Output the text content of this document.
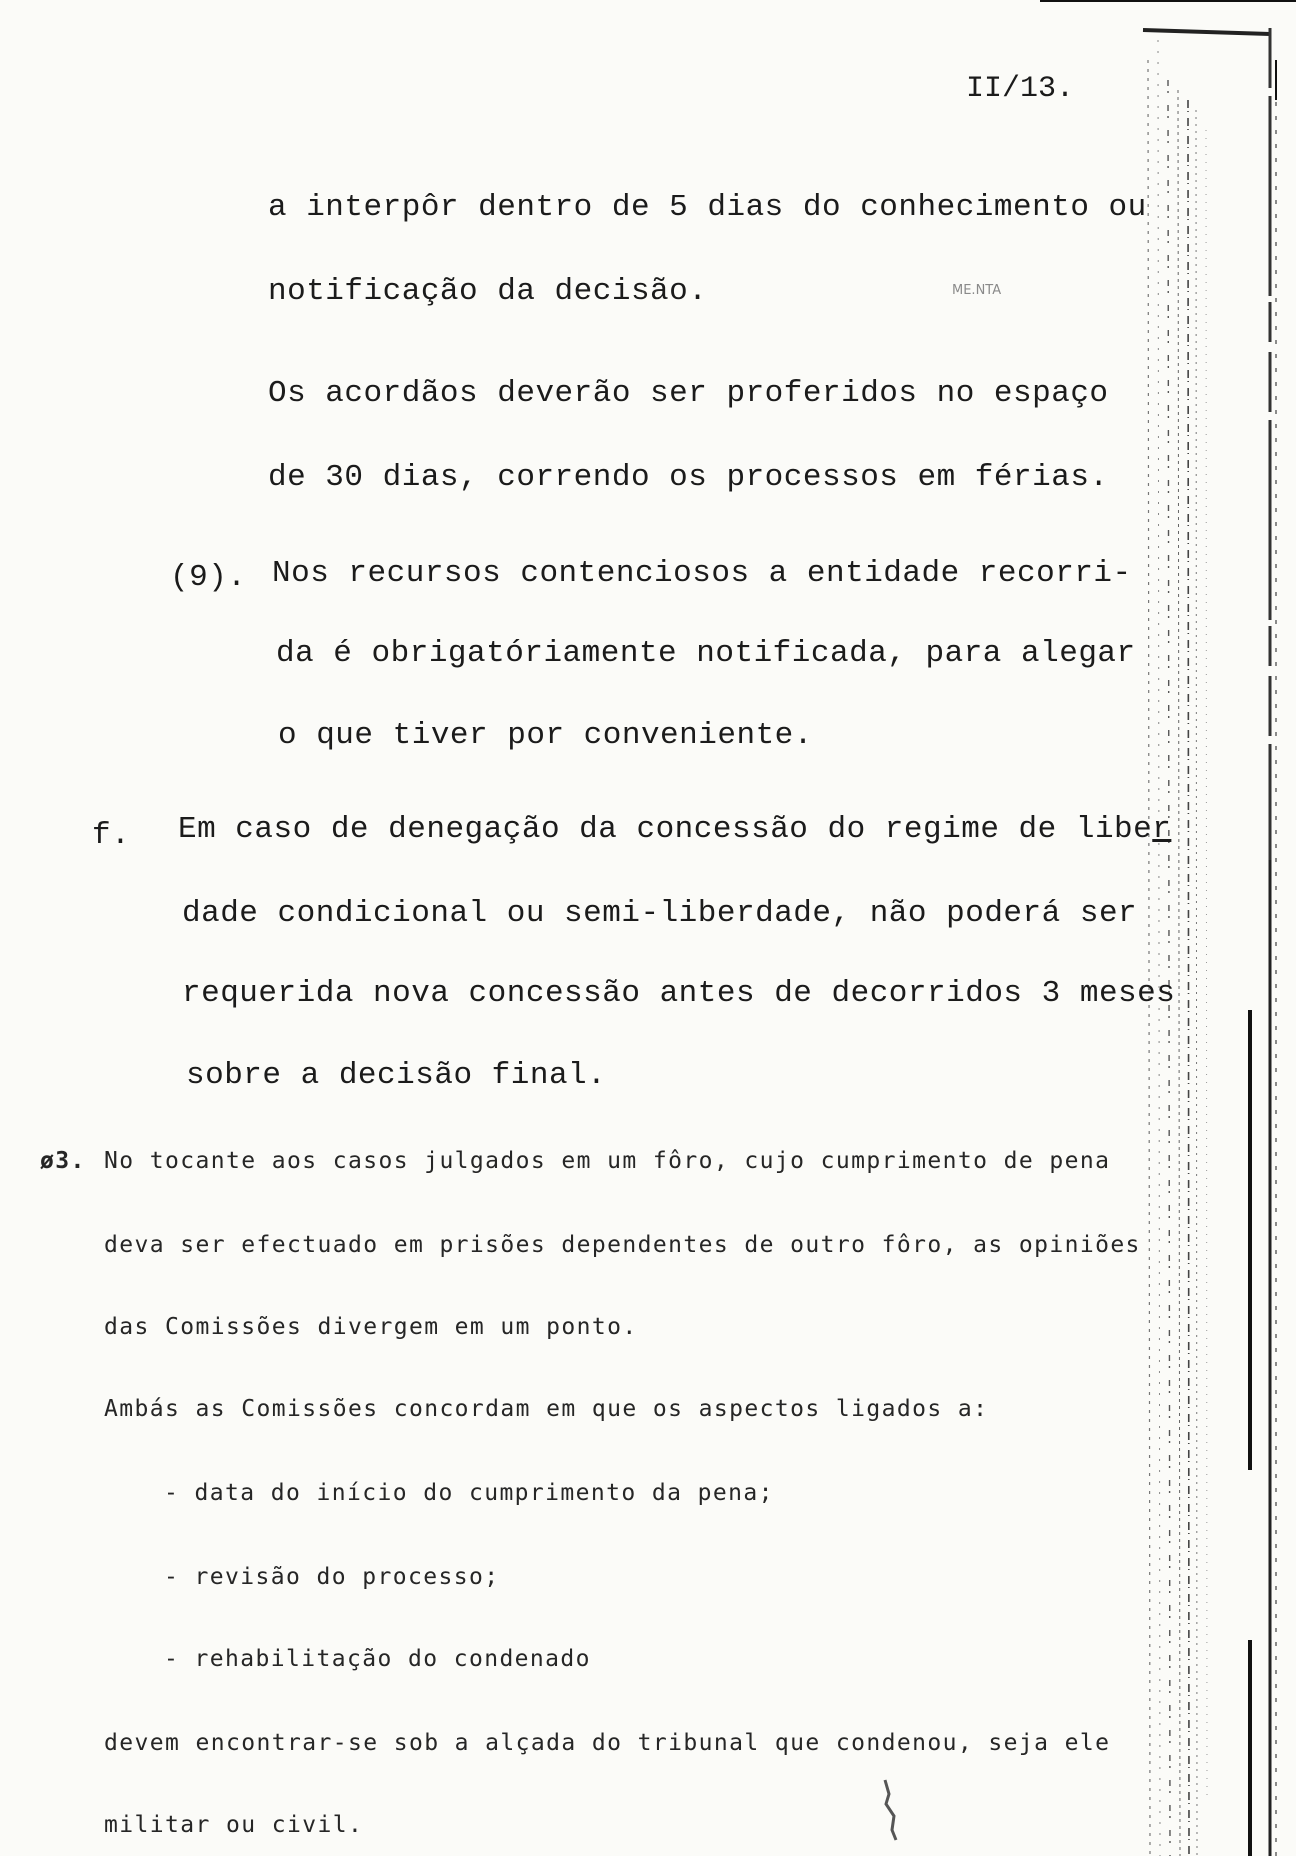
II/13.
a interpôr dentro de 5 dias do conhecimento ou
notificação da decisão.	ME.NTA
Os acordãos deverão ser proferidos no espaço
de 30 dias, correndo os processos em férias.
(9). Nos recursos contenciosos a entidade recorri-
da é obrigatóriamente notificada, para alegar
o que tiver por conveniente.
f. Em caso de denegação da concessão do regime de liber
dade condicional ou semi-liberdade, não poderá ser
requerida nova concessão antes de decorridos 3 meses
sobre a decisão final.
ø3. No tocante aos casos julgados em um fôro, cujo cumprimento de pena
deva ser efectuado em prisões dependentes de outro fôro, as opiniões
das Comissões divergem em um ponto.
Ambás as Comissões concordam em que os aspectos ligados a:
- data do início do cumprimento da pena;
- revisão do processo;
- rehabilitação do condenado
devem encontrar-se sob a alçada do tribunal que condenou, seja ele
militar ou civil.
